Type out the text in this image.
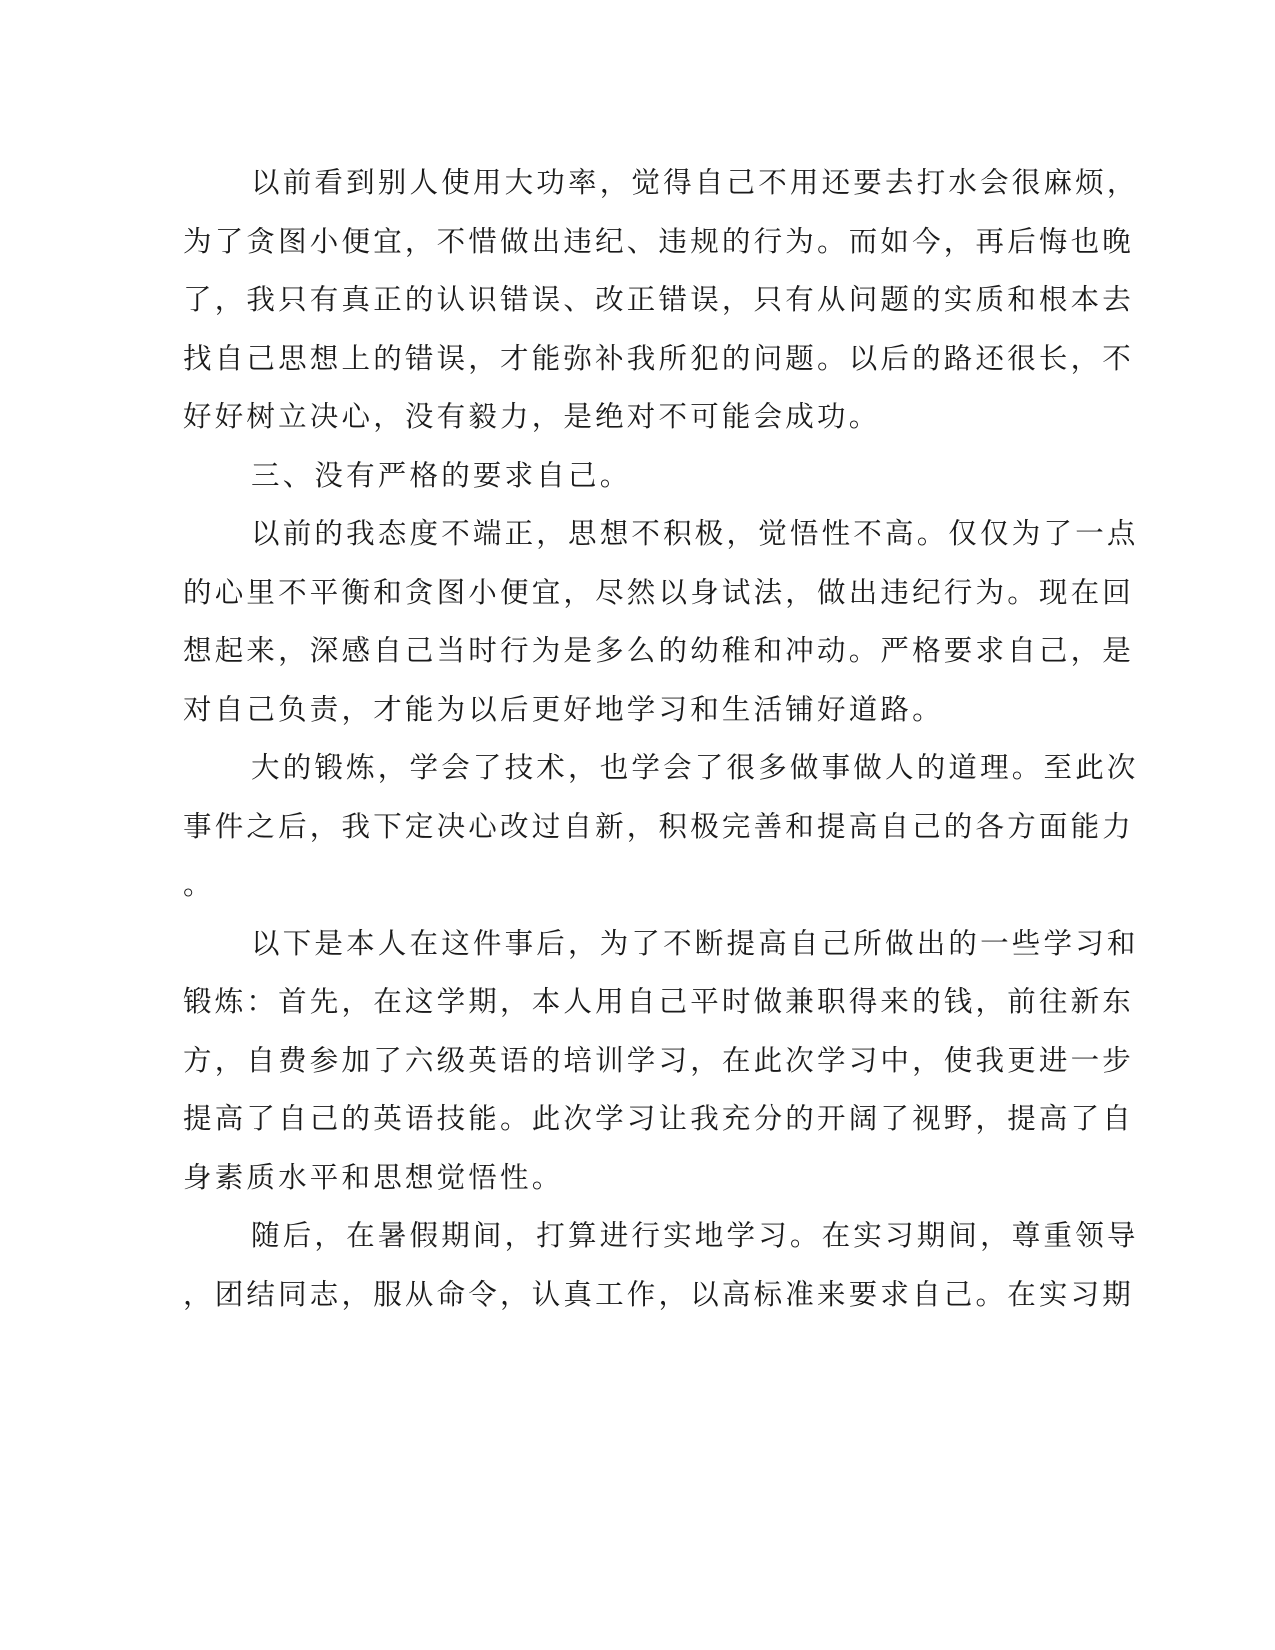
以前看到别人使用大功率，觉得自己不用还要去打水会很麻烦，
为了贪图小便宜，不惜做出违纪、违规的行为。而如今，再后悔也晚
了，我只有真正的认识错误、改正错误，只有从问题的实质和根本去
找自己思想上的错误，才能弥补我所犯的问题。以后的路还很长，不
好好树立决心，没有毅力，是绝对不可能会成功。
三、没有严格的要求自己。
以前的我态度不端正，思想不积极，觉悟性不高。仅仅为了一点
的心里不平衡和贪图小便宜，尽然以身试法，做出违纪行为。现在回
想起来，深感自己当时行为是多么的幼稚和冲动。严格要求自己，是
对自己负责，才能为以后更好地学习和生活铺好道路。
大的锻炼，学会了技术，也学会了很多做事做人的道理。至此次
事件之后，我下定决心改过自新，积极完善和提高自己的各方面能力
。
以下是本人在这件事后，为了不断提高自己所做出的一些学习和
锻炼：首先，在这学期，本人用自己平时做兼职得来的钱，前往新东
方，自费参加了六级英语的培训学习，在此次学习中，使我更进一步
提高了自己的英语技能。此次学习让我充分的开阔了视野，提高了自
身素质水平和思想觉悟性。
随后，在暑假期间，打算进行实地学习。在实习期间，尊重领导
，团结同志，服从命令，认真工作，以高标准来要求自己。在实习期
